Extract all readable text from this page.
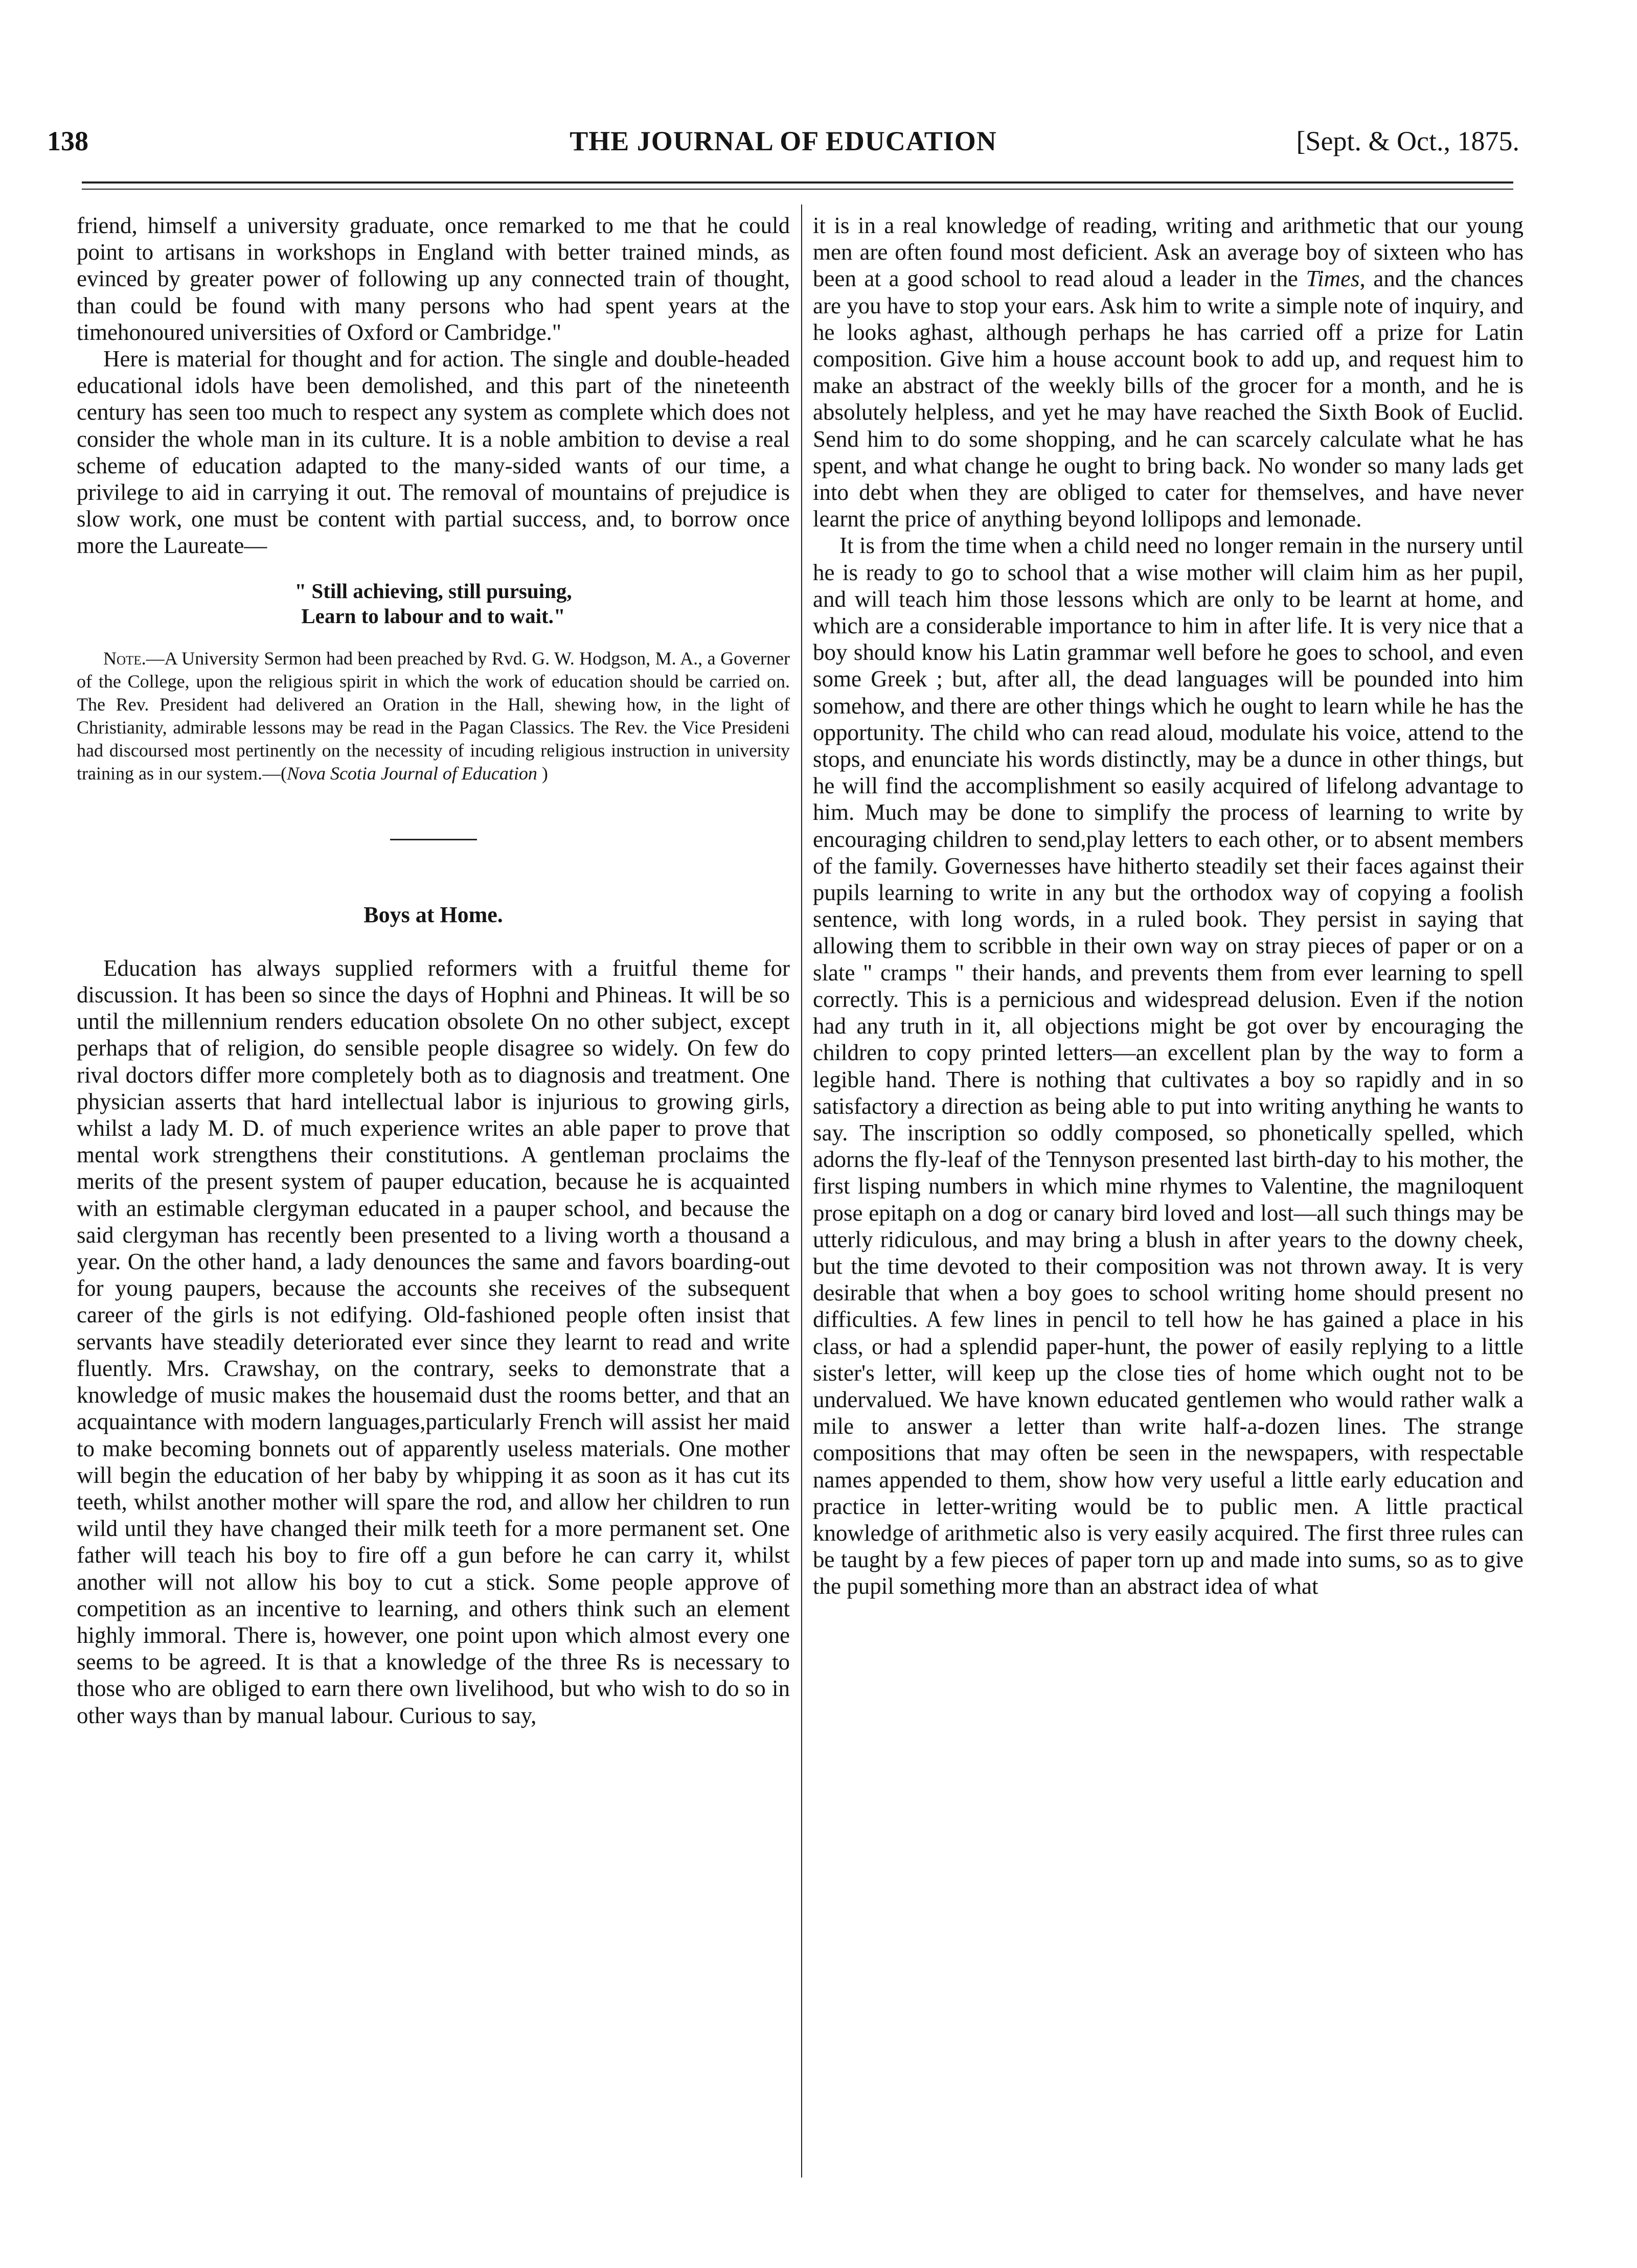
138	THE JOURNAL OF EDUCATION	[Sept. & Oct., 1875.

friend, himself a university graduate, once remarked to me that he could point to artisans in workshops in England with better trained minds, as evinced by greater power of following up any connected train of thought, than could be found with many persons who had spent years at the timehonoured universities of Oxford or Cambridge."

Here is material for thought and for action. The single and double-headed educational idols have been demolished, and this part of the nineteenth century has seen too much to respect any system as complete which does not consider the whole man in its culture. It is a noble ambition to devise a real scheme of education adapted to the many-sided wants of our time, a privilege to aid in carrying it out. The removal of mountains of prejudice is slow work, one must be content with partial success, and, to borrow once more the Laureate—

" Still achieving, still pursuing,
Learn to labour and to wait."

Note.—A University Sermon had been preached by Rvd. G. W. Hodgson, M. A., a Governer of the College, upon the religious spirit in which the work of education should be carried on. The Rev. President had delivered an Oration in the Hall, shewing how, in the light of Christianity, admirable lessons may be read in the Pagan Classics. The Rev. the Vice Presideni had discoursed most pertinently on the necessity of incuding religious instruction in university training as in our system.—(Nova Scotia Journal of Education )

Boys at Home.

Education has always supplied reformers with a fruitful theme for discussion. It has been so since the days of Hophni and Phineas. It will be so until the millennium renders education obsolete On no other subject, except perhaps that of religion, do sensible people disagree so widely. On few do rival doctors differ more completely both as to diagnosis and treatment. One physician asserts that hard intellectual labor is injurious to growing girls, whilst a lady M. D. of much experience writes an able paper to prove that mental work strengthens their constitutions. A gentleman proclaims the merits of the present system of pauper education, because he is acquainted with an estimable clergyman educated in a pauper school, and because the said clergyman has recently been presented to a living worth a thousand a year. On the other hand, a lady denounces the same and favors boarding-out for young paupers, because the accounts she receives of the subsequent career of the girls is not edifying. Old-fashioned people often insist that servants have steadily deteriorated ever since they learnt to read and write fluently. Mrs. Crawshay, on the contrary, seeks to demonstrate that a knowledge of music makes the housemaid dust the rooms better, and that an acquaintance with modern languages,particularly French will assist her maid to make becoming bonnets out of apparently useless materials. One mother will begin the education of her baby by whipping it as soon as it has cut its teeth, whilst another mother will spare the rod, and allow her children to run wild until they have changed their milk teeth for a more permanent set. One father will teach his boy to fire off a gun before he can carry it, whilst another will not allow his boy to cut a stick. Some people approve of competition as an incentive to learning, and others think such an element highly immoral. There is, however, one point upon which almost every one seems to be agreed. It is that a knowledge of the three Rs is necessary to those who are obliged to earn there own livelihood, but who wish to do so in other ways than by manual labour. Curious to say,

it is in a real knowledge of reading, writing and arithmetic that our young men are often found most deficient. Ask an average boy of sixteen who has been at a good school to read aloud a leader in the Times, and the chances are you have to stop your ears. Ask him to write a simple note of inquiry, and he looks aghast, although perhaps he has carried off a prize for Latin composition. Give him a house account book to add up, and request him to make an abstract of the weekly bills of the grocer for a month, and he is absolutely helpless, and yet he may have reached the Sixth Book of Euclid. Send him to do some shopping, and he can scarcely calculate what he has spent, and what change he ought to bring back. No wonder so many lads get into debt when they are obliged to cater for themselves, and have never learnt the price of anything beyond lollipops and lemonade.

It is from the time when a child need no longer remain in the nursery until he is ready to go to school that a wise mother will claim him as her pupil, and will teach him those lessons which are only to be learnt at home, and which are a considerable importance to him in after life. It is very nice that a boy should know his Latin grammar well before he goes to school, and even some Greek ; but, after all, the dead languages will be pounded into him somehow, and there are other things which he ought to learn while he has the opportunity. The child who can read aloud, modulate his voice, attend to the stops, and enunciate his words distinctly, may be a dunce in other things, but he will find the accomplishment so easily acquired of lifelong advantage to him. Much may be done to simplify the process of learning to write by encouraging children to send,play letters to each other, or to absent members of the family. Governesses have hitherto steadily set their faces against their pupils learning to write in any but the orthodox way of copying a foolish sentence, with long words, in a ruled book. They persist in saying that allowing them to scribble in their own way on stray pieces of paper or on a slate " cramps " their hands, and prevents them from ever learning to spell correctly. This is a pernicious and widespread delusion. Even if the notion had any truth in it, all objections might be got over by encouraging the children to copy printed letters—an excellent plan by the way to form a legible hand. There is nothing that cultivates a boy so rapidly and in so satisfactory a direction as being able to put into writing anything he wants to say. The inscription so oddly composed, so phonetically spelled, which adorns the fly-leaf of the Tennyson presented last birth-day to his mother, the first lisping numbers in which mine rhymes to Valentine, the magniloquent prose epitaph on a dog or canary bird loved and lost—all such things may be utterly ridiculous, and may bring a blush in after years to the downy cheek, but the time devoted to their composition was not thrown away. It is very desirable that when a boy goes to school writing home should present no difficulties. A few lines in pencil to tell how he has gained a place in his class, or had a splendid paper-hunt, the power of easily replying to a little sister's letter, will keep up the close ties of home which ought not to be undervalued. We have known educated gentlemen who would rather walk a mile to answer a letter than write half-a-dozen lines. The strange compositions that may often be seen in the newspapers, with respectable names appended to them, show how very useful a little early education and practice in letter-writing would be to public men. A little practical knowledge of arithmetic also is very easily acquired. The first three rules can be taught by a few pieces of paper torn up and made into sums, so as to give the pupil something more than an abstract idea of what
